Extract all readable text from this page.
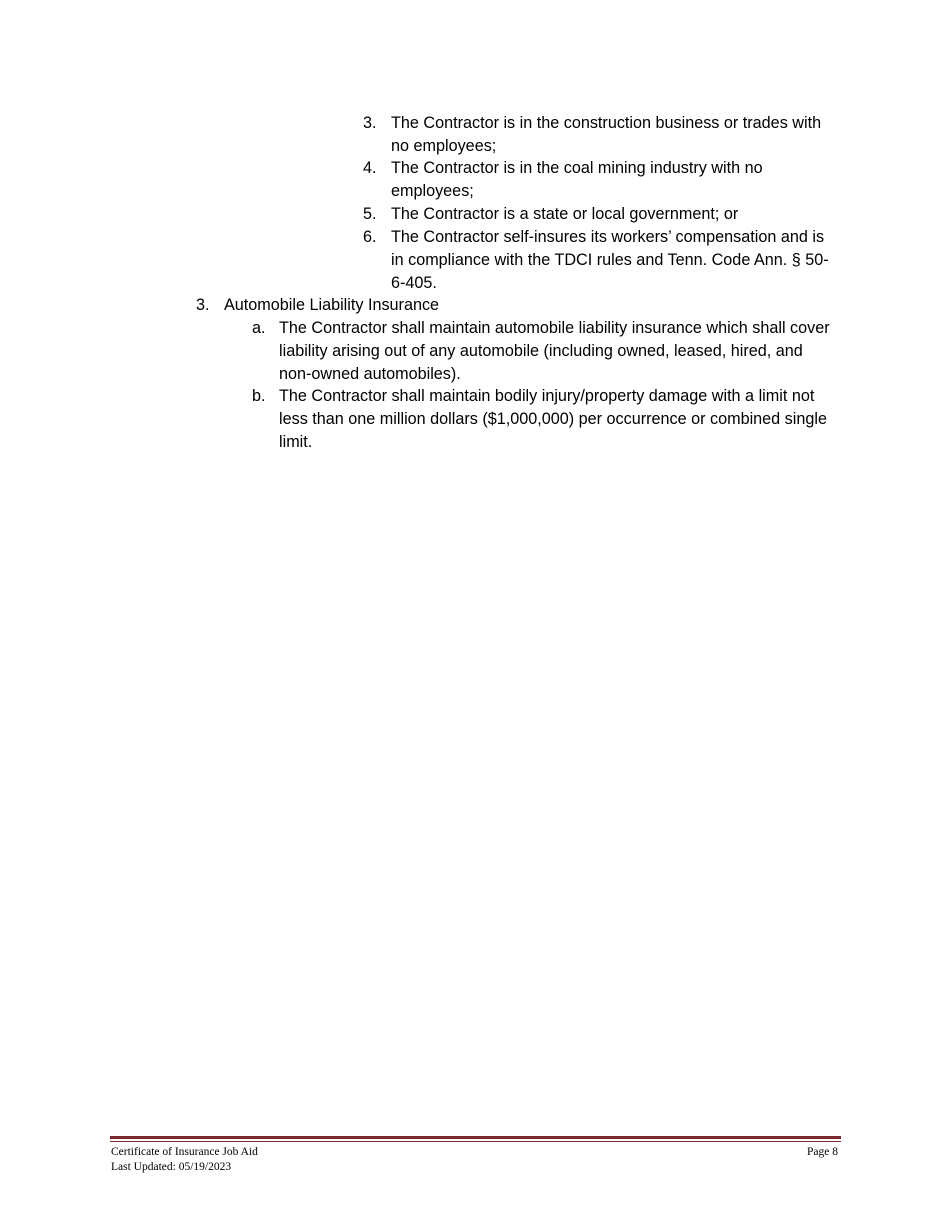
3. The Contractor is in the construction business or trades with no employees;
4. The Contractor is in the coal mining industry with no employees;
5. The Contractor is a state or local government; or
6. The Contractor self-insures its workers’ compensation and is in compliance with the TDCI rules and Tenn. Code Ann. § 50-6-405.
3. Automobile Liability Insurance
a. The Contractor shall maintain automobile liability insurance which shall cover liability arising out of any automobile (including owned, leased, hired, and non-owned automobiles).
b. The Contractor shall maintain bodily injury/property damage with a limit not less than one million dollars ($1,000,000) per occurrence or combined single limit.
Certificate of Insurance Job Aid
Last Updated: 05/19/2023
Page 8
